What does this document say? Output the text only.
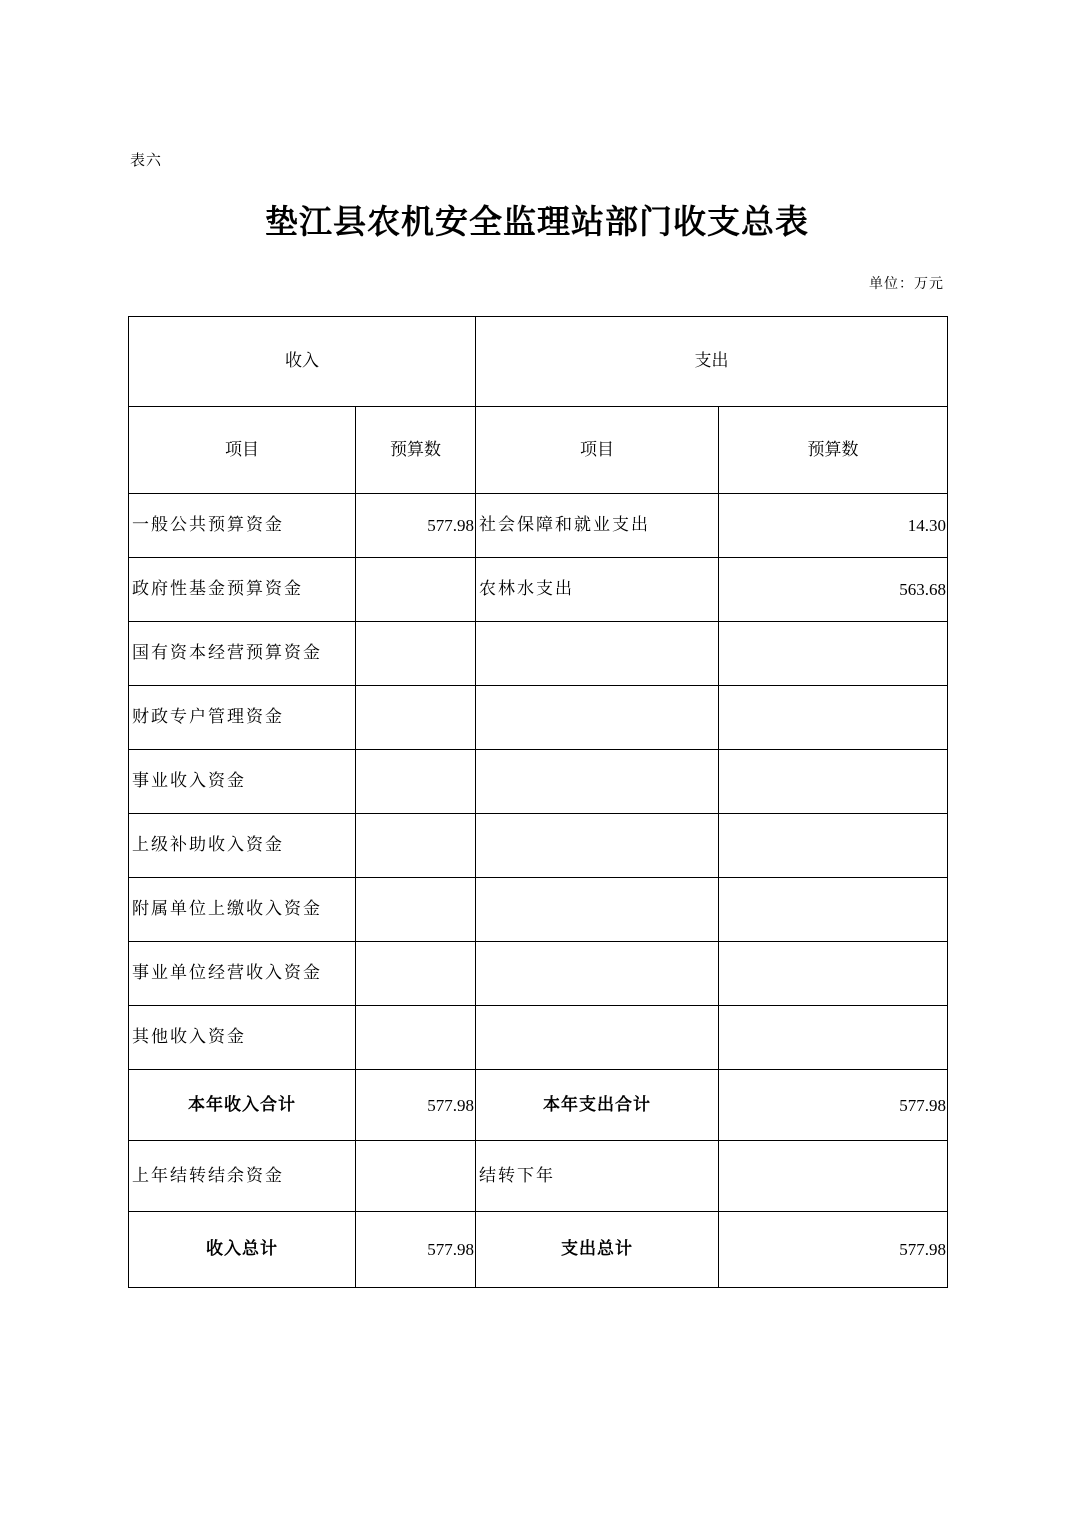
表六
垫江县农机安全监理站部门收支总表
单位：万元
收入		支出	
项目	预算数	项目	预算数
一般公共预算资金	577.98	社会保障和就业支出	14.30
政府性基金预算资金		农林水支出	563.68
国有资本经营预算资金			
财政专户管理资金			
事业收入资金			
上级补助收入资金			
附属单位上缴收入资金			
事业单位经营收入资金			
其他收入资金			
本年收入合计	577.98	本年支出合计	577.98
上年结转结余资金		结转下年	
收入总计	577.98	支出总计	577.98
